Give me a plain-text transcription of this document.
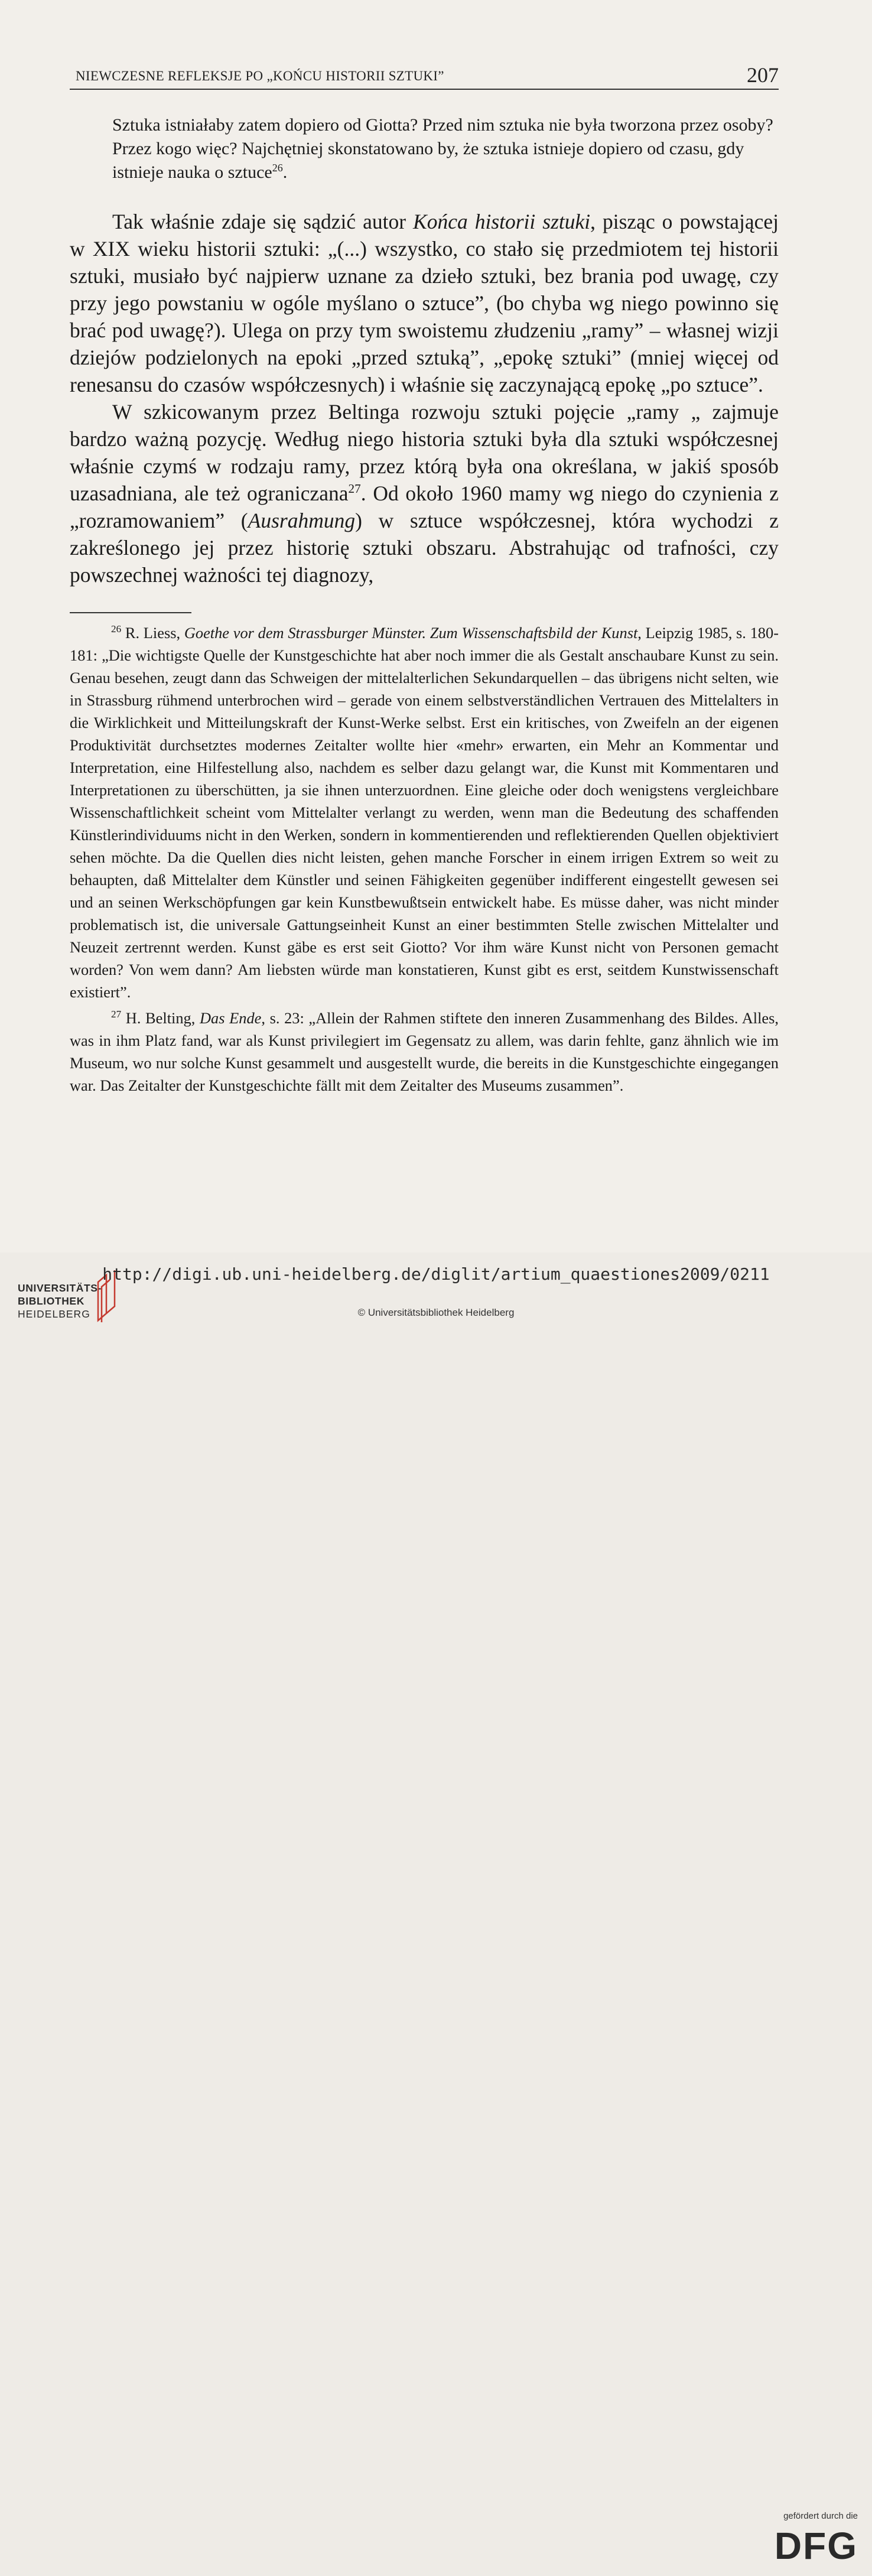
NIEWCZESNE REFLEKSJE PO „KOŃCU HISTORII SZTUKI”	207

Sztuka istniałaby zatem dopiero od Giotta? Przed nim sztuka nie była tworzona przez osoby? Przez kogo więc? Najchętniej skonstatowano by, że sztuka istnieje dopiero od czasu, gdy istnieje nauka o sztuce$^{26}$.

Tak właśnie zdaje się sądzić autor Końca historii sztuki, pisząc o powstającej w XIX wieku historii sztuki: „(...) wszystko, co stało się przedmiotem tej historii sztuki, musiało być najpierw uznane za dzieło sztuki, bez brania pod uwagę, czy przy jego powstaniu w ogóle myślano o sztuce”, (bo chyba wg niego powinno się brać pod uwagę?). Ulega on przy tym swoistemu złudzeniu „ramy” – własnej wizji dziejów podzielonych na epoki „przed sztuką”, „epokę sztuki” (mniej więcej od renesansu do czasów współczesnych) i właśnie się zaczynającą epokę „po sztuce”.

W szkicowanym przez Beltinga rozwoju sztuki pojęcie „ramy „ zajmuje bardzo ważną pozycję. Według niego historia sztuki była dla sztuki współczesnej właśnie czymś w rodzaju ramy, przez którą była ona określana, w jakiś sposób uzasadniana, ale też ograniczana$^{27}$. Od około 1960 mamy wg niego do czynienia z „rozramowaniem” (Ausrahmung) w sztuce współczesnej, która wychodzi z zakreślonego jej przez historię sztuki obszaru. Abstrahując od trafności, czy powszechnej ważności tej diagnozy,

$^{26}$ R. Liess, Goethe vor dem Strassburger Münster. Zum Wissenschaftsbild der Kunst, Leipzig 1985, s. 180-181: „Die wichtigste Quelle der Kunstgeschichte hat aber noch immer die als Gestalt anschaubare Kunst zu sein. Genau besehen, zeugt dann das Schweigen der mittelalterlichen Sekundarquellen – das übrigens nicht selten, wie in Strassburg rühmend unterbrochen wird – gerade von einem selbstverständlichen Vertrauen des Mittelalters in die Wirklichkeit und Mitteilungskraft der Kunst-Werke selbst. Erst ein kritisches, von Zweifeln an der eigenen Produktivität durchsetztes modernes Zeitalter wollte hier «mehr» erwarten, ein Mehr an Kommentar und Interpretation, eine Hilfestellung also, nachdem es selber dazu gelangt war, die Kunst mit Kommentaren und Interpretationen zu überschütten, ja sie ihnen unterzuordnen. Eine gleiche oder doch wenigstens vergleichbare Wissenschaftlichkeit scheint vom Mittelalter verlangt zu werden, wenn man die Bedeutung des schaffenden Künstlerindividuums nicht in den Werken, sondern in kommentierenden und reflektierenden Quellen objektiviert sehen möchte. Da die Quellen dies nicht leisten, gehen manche Forscher in einem irrigen Extrem so weit zu behaupten, daß Mittelalter dem Künstler und seinen Fähigkeiten gegenüber indifferent eingestellt gewesen sei und an seinen Werkschöpfungen gar kein Kunstbewußtsein entwickelt habe. Es müsse daher, was nicht minder problematisch ist, die universale Gattungseinheit Kunst an einer bestimmten Stelle zwischen Mittelalter und Neuzeit zertrennt werden. Kunst gäbe es erst seit Giotto? Vor ihm wäre Kunst nicht von Personen gemacht worden? Von wem dann? Am liebsten würde man konstatieren, Kunst gibt es erst, seitdem Kunstwissenschaft existiert”.

$^{27}$ H. Belting, Das Ende, s. 23: „Allein der Rahmen stiftete den inneren Zusammenhang des Bildes. Alles, was in ihm Platz fand, war als Kunst privilegiert im Gegensatz zu allem, was darin fehlte, ganz ähnlich wie im Museum, wo nur solche Kunst gesammelt und ausgestellt wurde, die bereits in die Kunstgeschichte eingegangen war. Das Zeitalter der Kunstgeschichte fällt mit dem Zeitalter des Museums zusammen”.

UNIVERSITÄTS-
BIBLIOTHEK
HEIDELBERG
gefördert durch die
DFG
http://digi.ub.uni-heidelberg.de/diglit/artium_quaestiones2009/0211
© Universitätsbibliothek Heidelberg
